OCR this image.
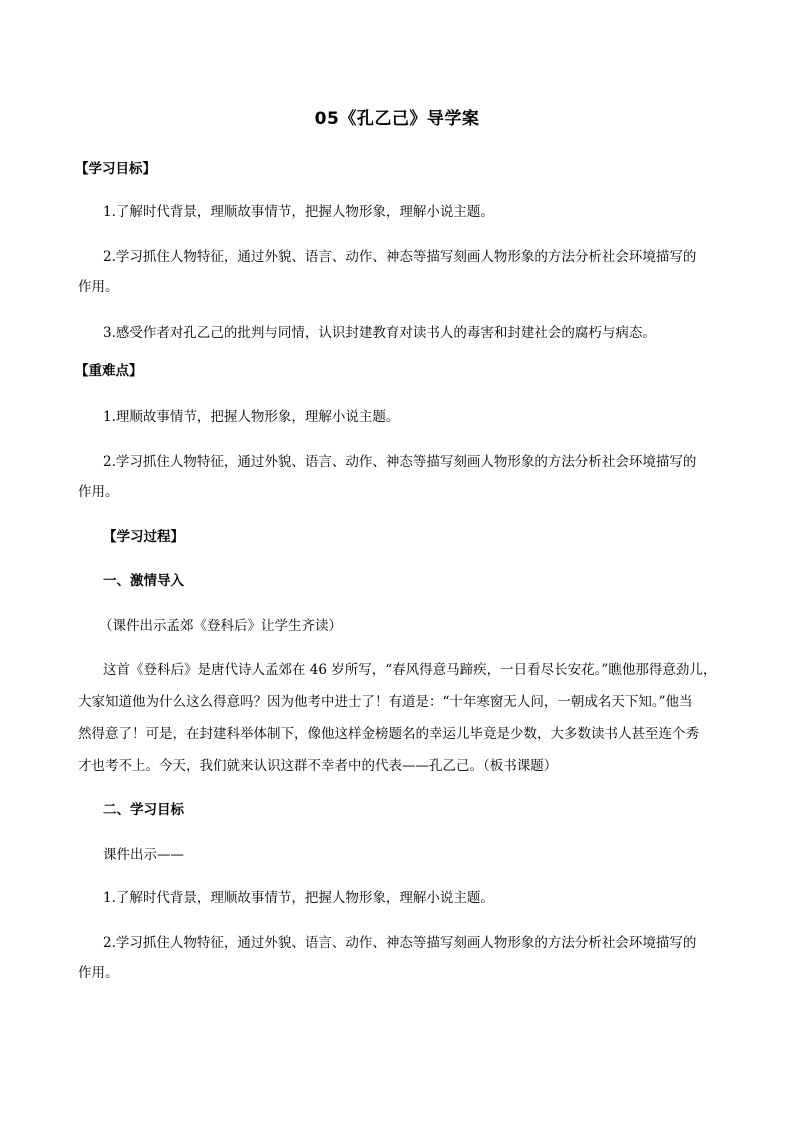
05《孔乙己》导学案
【学习目标】
1.了解时代背景，理顺故事情节，把握人物形象，理解小说主题。
2.学习抓住人物特征，通过外貌、语言、动作、神态等描写刻画人物形象的方法分析社会环境描写的
作用。
3.感受作者对孔乙己的批判与同情，认识封建教育对读书人的毒害和封建社会的腐朽与病态。
【重难点】
1.理顺故事情节，把握人物形象，理解小说主题。
2.学习抓住人物特征，通过外貌、语言、动作、神态等描写刻画人物形象的方法分析社会环境描写的
作用。
【学习过程】
一、激情导入
（课件出示孟郊《登科后》让学生齐读）
这首《登科后》是唐代诗人孟郊在 46 岁所写，“春风得意马蹄疾，一日看尽长安花。”瞧他那得意劲儿，
大家知道他为什么这么得意吗？因为他考中进士了！有道是：“十年寒窗无人问，一朝成名天下知。”他当
然得意了！可是，在封建科举体制下，像他这样金榜题名的幸运儿毕竟是少数，大多数读书人甚至连个秀
才也考不上。今天，我们就来认识这群不幸者中的代表——孔乙己。（板书课题）
二、学习目标
课件出示——
1.了解时代背景，理顺故事情节，把握人物形象，理解小说主题。
2.学习抓住人物特征，通过外貌、语言、动作、神态等描写刻画人物形象的方法分析社会环境描写的
作用。
